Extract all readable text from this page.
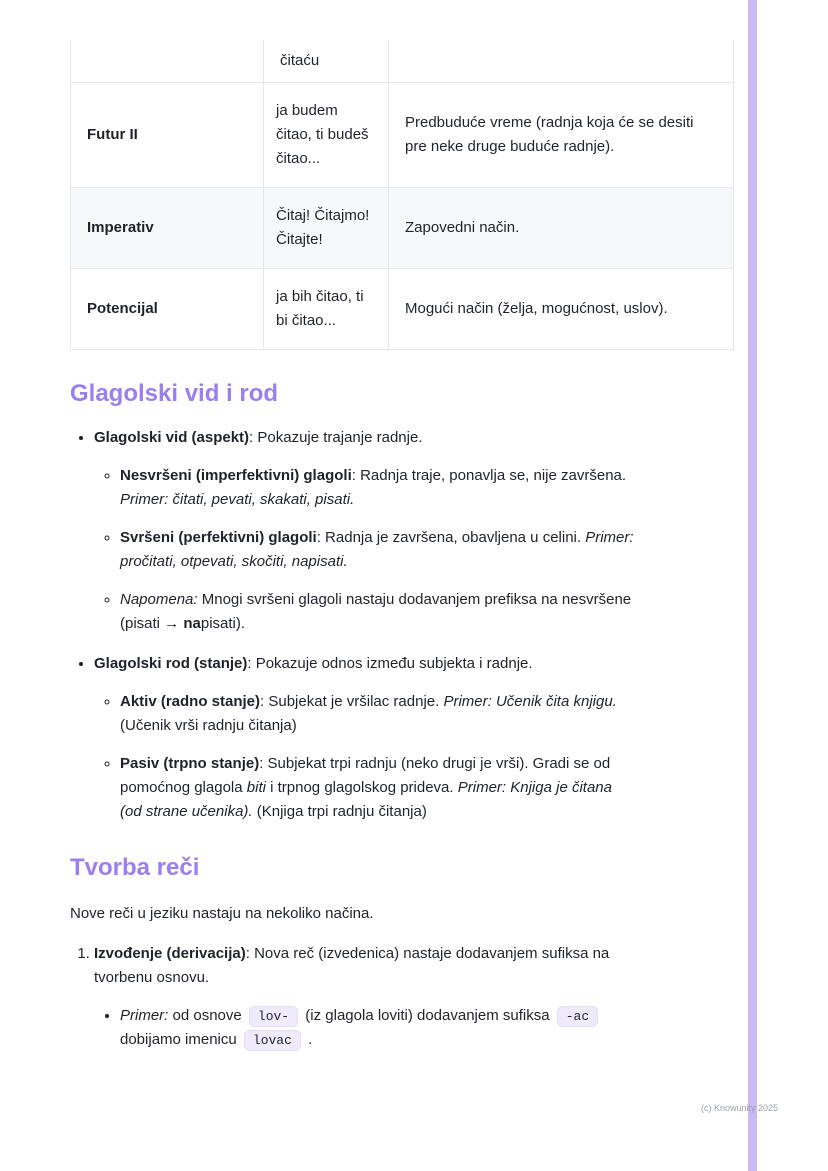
	čitaću	
Futur II	ja budem čitao, ti budeš čitao...	Predbuduće vreme (radnja koja će se desiti pre neke druge buduće radnje).
Imperativ	Čitaj! Čitajmo! Čitajte!	Zapovedni način.
Potencijal	ja bih čitao, ti bi čitao...	Mogući način (želja, mogućnost, uslov).
Glagolski vid i rod
• Glagolski vid (aspekt): Pokazuje trajanje radnje.
◦ Nesvršeni (imperfektivni) glagoli: Radnja traje, ponavlja se, nije završena. Primer: čitati, pevati, skakati, pisati.
◦ Svršeni (perfektivni) glagoli: Radnja je završena, obavljena u celini. Primer: pročitati, otpevati, skočiti, napisati.
◦ Napomena: Mnogi svršeni glagoli nastaju dodavanjem prefiksa na nesvršene (pisati → napisati).
• Glagolski rod (stanje): Pokazuje odnos između subjekta i radnje.
◦ Aktiv (radno stanje): Subjekat je vršilac radnje. Primer: Učenik čita knjigu. (Učenik vrši radnju čitanja)
◦ Pasiv (trpno stanje): Subjekat trpi radnju (neko drugi je vrši). Gradi se od pomoćnog glagola biti i trpnog glagolskog prideva. Primer: Knjiga je čitana (od strane učenika). (Knjiga trpi radnju čitanja)
Tvorba reči

Nove reči u jeziku nastaju na nekoliko načina.

1. Izvođenje (derivacija): Nova reč (izvedenica) nastaje dodavanjem sufiksa na tvorbenu osnovu.
• Primer: od osnove lov- (iz glagola loviti) dodavanjem sufiksa -ac dobijamo imenicu lovac .
(c) Knowunity 2025
